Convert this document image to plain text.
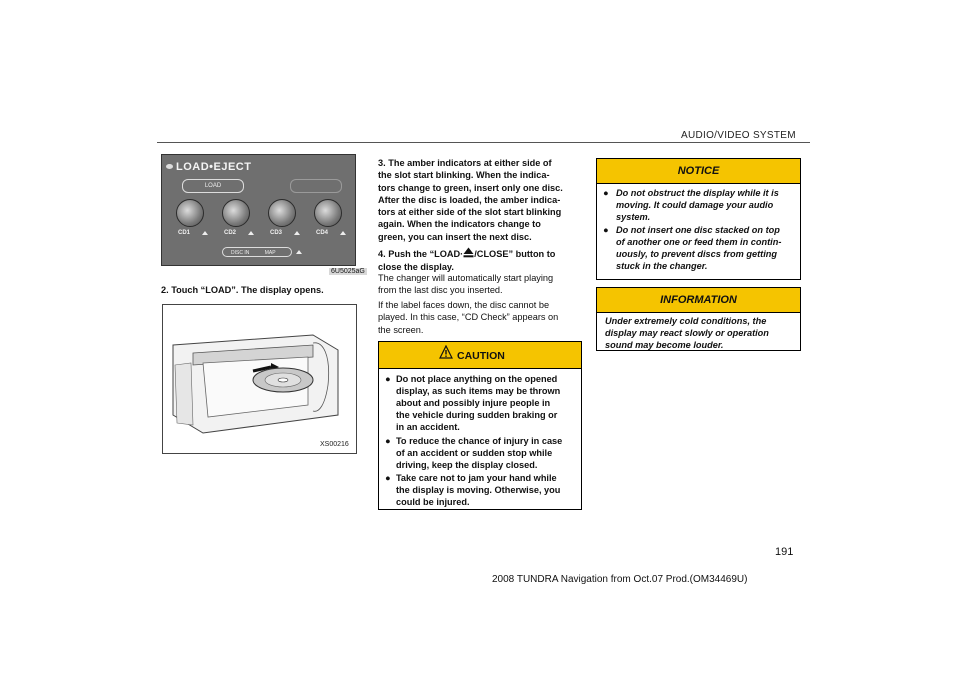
AUDIO/VIDEO SYSTEM
LOAD•EJECT
LOAD
CD1	CD2	CD3	CD4
DISC IN	MAP
6U5025aG
2. Touch “LOAD”. The display opens.
XS00216
3. The amber indicators at either side of
the slot start blinking. When the indica-
tors change to green, insert only one disc.
After the disc is loaded, the amber indica-
tors at either side of the slot start blinking
again. When the indicators change to
green, you can insert the next disc.
4. Push the “LOAD· /CLOSE” button to
close the display.
The changer will automatically start playing
from the last disc you inserted.
If the label faces down, the disc cannot be
played. In this case, “CD Check” appears on
the screen.
CAUTION
● Do not place anything on the opened
display, as such items may be thrown
about and possibly injure people in
the vehicle during sudden braking or
in an accident.
● To reduce the chance of injury in case
of an accident or sudden stop while
driving, keep the display closed.
● Take care not to jam your hand while
the display is moving. Otherwise, you
could be injured.
NOTICE
● Do not obstruct the display while it is
moving. It could damage your audio
system.
● Do not insert one disc stacked on top
of another one or feed them in contin-
uously, to prevent discs from getting
stuck in the changer.
INFORMATION
Under extremely cold conditions, the
display may react slowly or operation
sound may become louder.
191
2008 TUNDRA Navigation from Oct.07 Prod.(OM34469U)
